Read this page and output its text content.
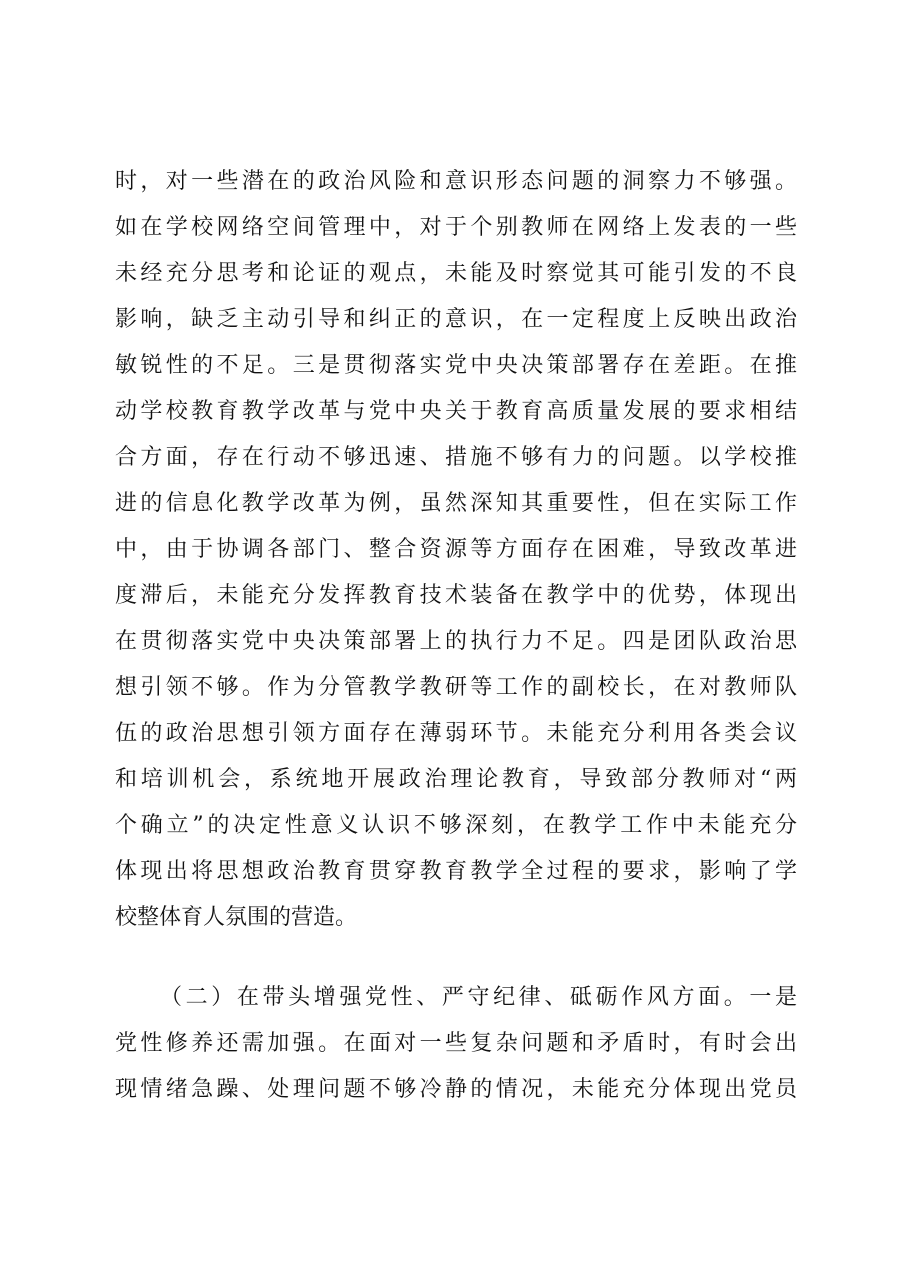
时，对一些潜在的政治风险和意识形态问题的洞察力不够强。
如在学校网络空间管理中，对于个别教师在网络上发表的一些
未经充分思考和论证的观点，未能及时察觉其可能引发的不良
影响，缺乏主动引导和纠正的意识，在一定程度上反映出政治
敏锐性的不足。三是贯彻落实党中央决策部署存在差距。在推
动学校教育教学改革与党中央关于教育高质量发展的要求相结
合方面，存在行动不够迅速、措施不够有力的问题。以学校推
进的信息化教学改革为例，虽然深知其重要性，但在实际工作
中，由于协调各部门、整合资源等方面存在困难，导致改革进
度滞后，未能充分发挥教育技术装备在教学中的优势，体现出
在贯彻落实党中央决策部署上的执行力不足。四是团队政治思
想引领不够。作为分管教学教研等工作的副校长，在对教师队
伍的政治思想引领方面存在薄弱环节。未能充分利用各类会议
和培训机会，系统地开展政治理论教育，导致部分教师对“两
个确立”的决定性意义认识不够深刻，在教学工作中未能充分
体现出将思想政治教育贯穿教育教学全过程的要求，影响了学
校整体育人氛围的营造。
（二）在带头增强党性、严守纪律、砥砺作风方面。一是
党性修养还需加强。在面对一些复杂问题和矛盾时，有时会出
现情绪急躁、处理问题不够冷静的情况，未能充分体现出党员
